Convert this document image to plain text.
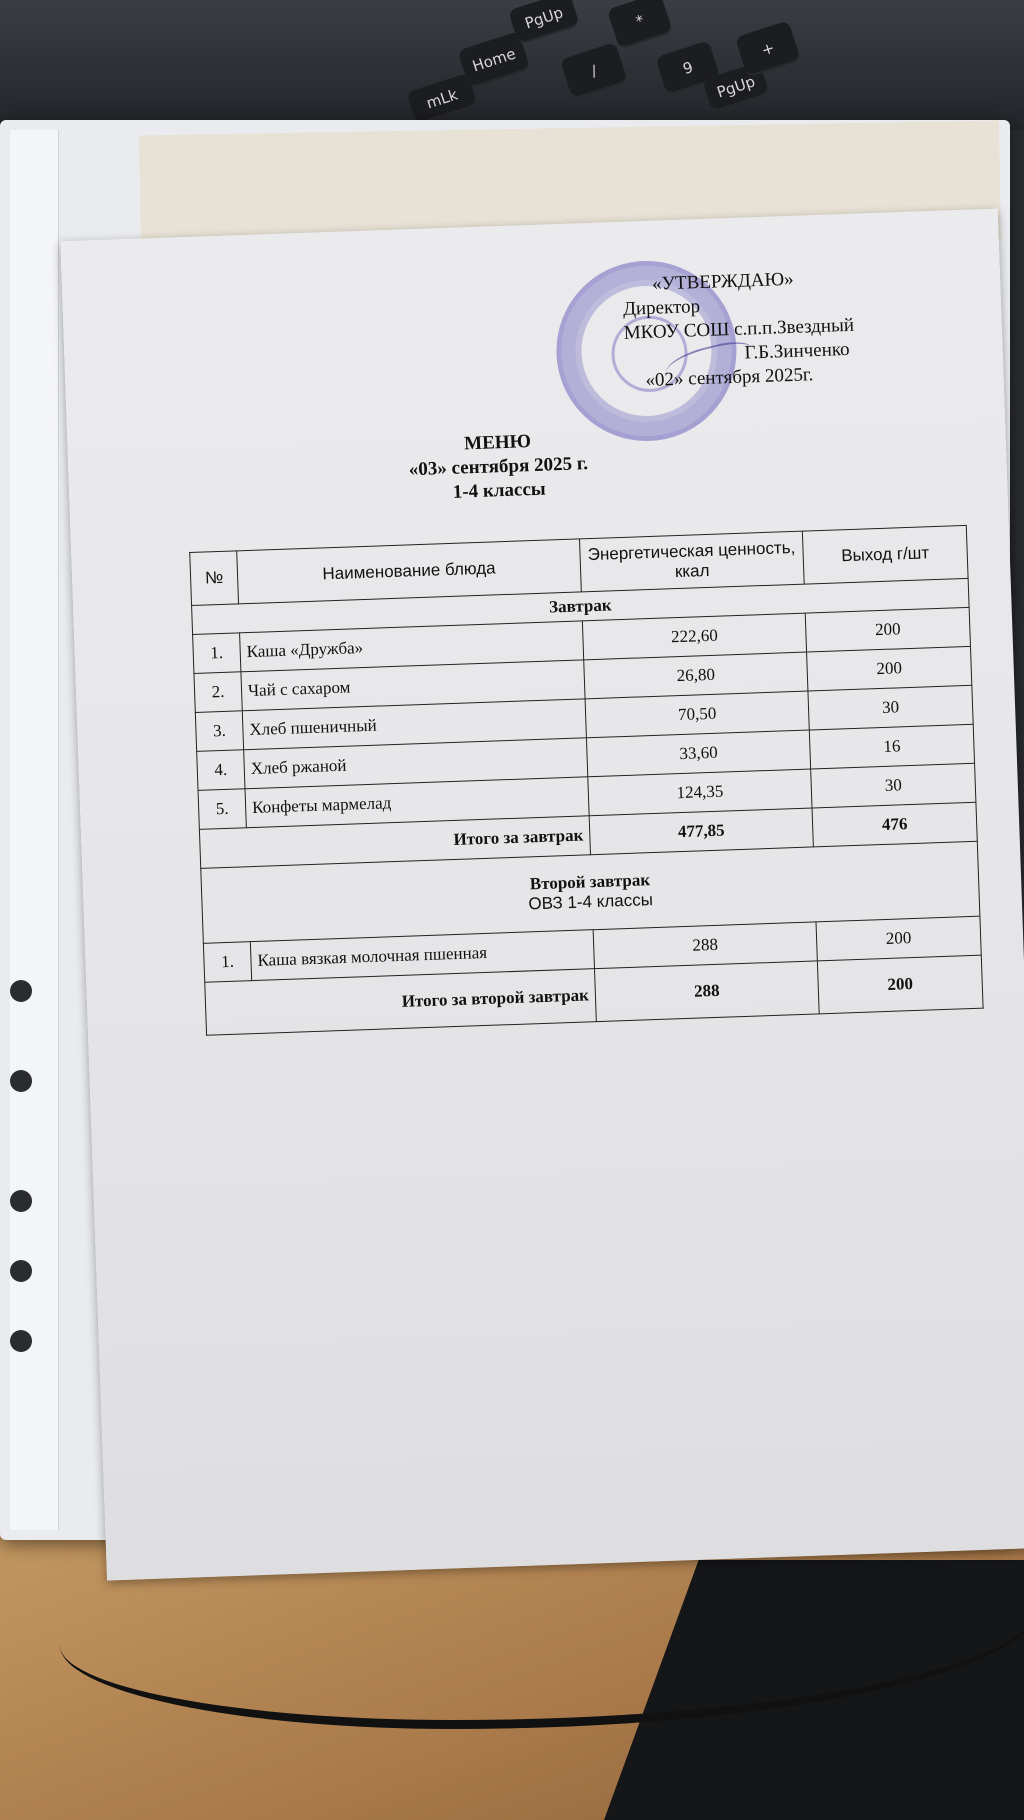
Home
PgUp	*
/	9
PgUp
+
mLk
«УТВЕРЖДАЮ»
Директор
МКОУ СОШ с.п.п.Звездный
Г.Б.Зинченко
«02» сентября 2025г.
МЕНЮ
«03» сентября 2025 г.
1-4 классы
№	Наименование блюда	Энергетическая ценность, ккал	Выход г/шт
Завтрак			
1.	Каша «Дружба»	222,60	200
2.	Чай с сахаром	26,80	200
3.	Хлеб пшеничный	70,50	30
4.	Хлеб ржаной	33,60	16
5.	Конфеты мармелад	124,35	30
Итого за завтрак		477,85	476

Второй завтрак
ОВЗ 1-4 классы			

1.	Каша вязкая молочная пшенная	288	200
Итого за второй завтрак		288	200
